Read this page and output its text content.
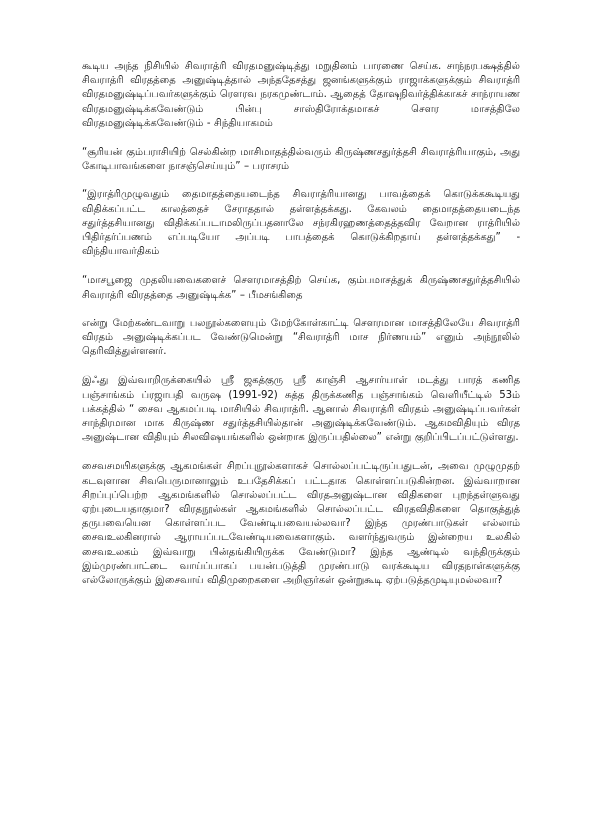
கூடிய அந்த நிசியில் சிவராத்ரி விரதமனுஷ்டித்து மறுதினம் பாரணை செய்க. சாந்நரபக்ஷத்தில் சிவராத்ரி விரதத்தை அனுஷ்டித்தால் அந்ததேசத்து ஜனங்களுக்கும் ராஜாக்களுக்கும் சிவராத்ரி விரதமனுஷ்டிப்பவர்களுக்கும் ரௌரவ நரகமுண்டாம். ஆதைத் தோஷநிவர்த்திக்காகச் சாந்ராயண விரதமனுஷ்டிக்கவேண்டும் பின்பு சாஸ்திரோக்தமாகச் சௌர மாசத்திலே விரதமனுஷ்டிக்கவேண்டும் - சிந்தியாகமம்

“சூரியன் கும்பராசியிற் செல்கின்ற மாசிமாதத்தில்வரும் கிருஷ்ணசதுர்த்தசி சிவராத்ரியாகும், அது கோடிபாவங்களை நாசஞ்செய்யும்” – பராசரம்

“இராத்ரிமுழுவதும் தைமாதத்தையடைந்த சிவராத்ரியானது பாவத்தைக் கொடுக்ககூடியது விதிக்கப்பட்ட காலத்தைச் சேராததால் தள்ளத்தக்கது. கேவலம் தைமாதத்தையடைந்த சதுர்த்தசியானது விதிக்கப்படாமலிருப்பதனாலே சந்ரகிரஹணத்தைத்தவிர வேறான ராத்ரியில் பிதிர்தர்ப்பணம் எப்படியோ அப்படி பாபத்தைக் கொடுக்கிறதாய் தள்ளத்தக்கது” - விந்தியாவர்திகம்

“மாசபூஜை முதலியவைகளைச் சௌரமாசத்திற் செய்க, கும்பமாசத்துக் கிருஷ்ணசதுர்த்தசியில் சிவராத்ரி விரதத்தை அனுஷ்டிக்க” – பீமசங்கிதை

என்று மேற்கண்டவாறு பலநூல்களையும் மேற்கோள்காட்டி சௌரமான மாசத்திலேயே சிவராத்ரி விரதம் அனுஷ்டிக்கப்பட வேண்டுமென்று “சிவராத்ரி மாச நிர்ணயம்” எனும் அந்நூலில் தெரிவித்துள்ளனர்.

இஃது இவ்வாறிருக்கையில் ஸ்ரீ ஜகத்குரு ஸ்ரீ காஞ்சி ஆசார்யாள் மடத்து பாரத் கணித பஞ்சாங்கம் ப்ரஜாபதி வருஷ (1991-92) சுத்த திருக்கணித பஞ்சாங்கம் வெளியீட்டில் 53ம் பக்கத்தில் “ சைவ ஆகமப்படி மாசியில் சிவராத்ரி. ஆனால் சிவராத்ரி விரதம் அனுஷ்டிப்பவர்கள் சாந்திரமான மாக கிருஷ்ண சதுர்த்தசியில்தான் அனுஷ்டிக்கவேண்டும். ஆகமவிதியும் விரத அனுஷ்டான விதியும் சிலவிஷயங்களில் ஒன்றாக இருப்பதில்லை” என்று குறிப்பிடப்பட்டுள்ளது.

சைவசமயிகளுக்கு ஆகமங்கள் சிறப்புநூல்களாகச் சொல்லப்பட்டிருப்பதுடன், அவை முழுமுதற் கடவுளான சிவபெருமானாலும் உபதேசிக்கப் பட்டதாக கொள்ளப்படுகின்றன. இவ்வாறான சிறப்புப்பெற்ற ஆகமங்களில் சொல்லப்பட்ட விரதஅனுஷ்டான விதிகளை புறந்தள்ளுவது ஏற்புடையதாகுமா? விரதநூல்கள் ஆகமங்களில் சொல்லப்பட்ட விரதவிதிகளை தொகுத்துத் தருபவையென கொள்ளப்பட வேண்டியவையல்லவா? இந்த முரண்பாடுகள் எல்லாம் சைவஉலகினரால் ஆராயப்படவேண்டியவைகளாகும். வளர்ந்துவரும் இன்றைய உலகில் சைவஉலகம் இவ்வாறு பின்தங்கியிருக்க வேண்டுமா? இந்த ஆண்டில் வந்திருக்கும் இம்முரண்பாட்டை வாய்ப்பாகப் பயன்படுத்தி முரண்பாடு வரக்கூடிய விரதநாள்களுக்கு எல்லோருக்கும் இசைவாய் விதிமுறைகளை அறிஞர்கள் ஒன்றுகூடி ஏற்படுத்தமுடியுமல்லவா?
